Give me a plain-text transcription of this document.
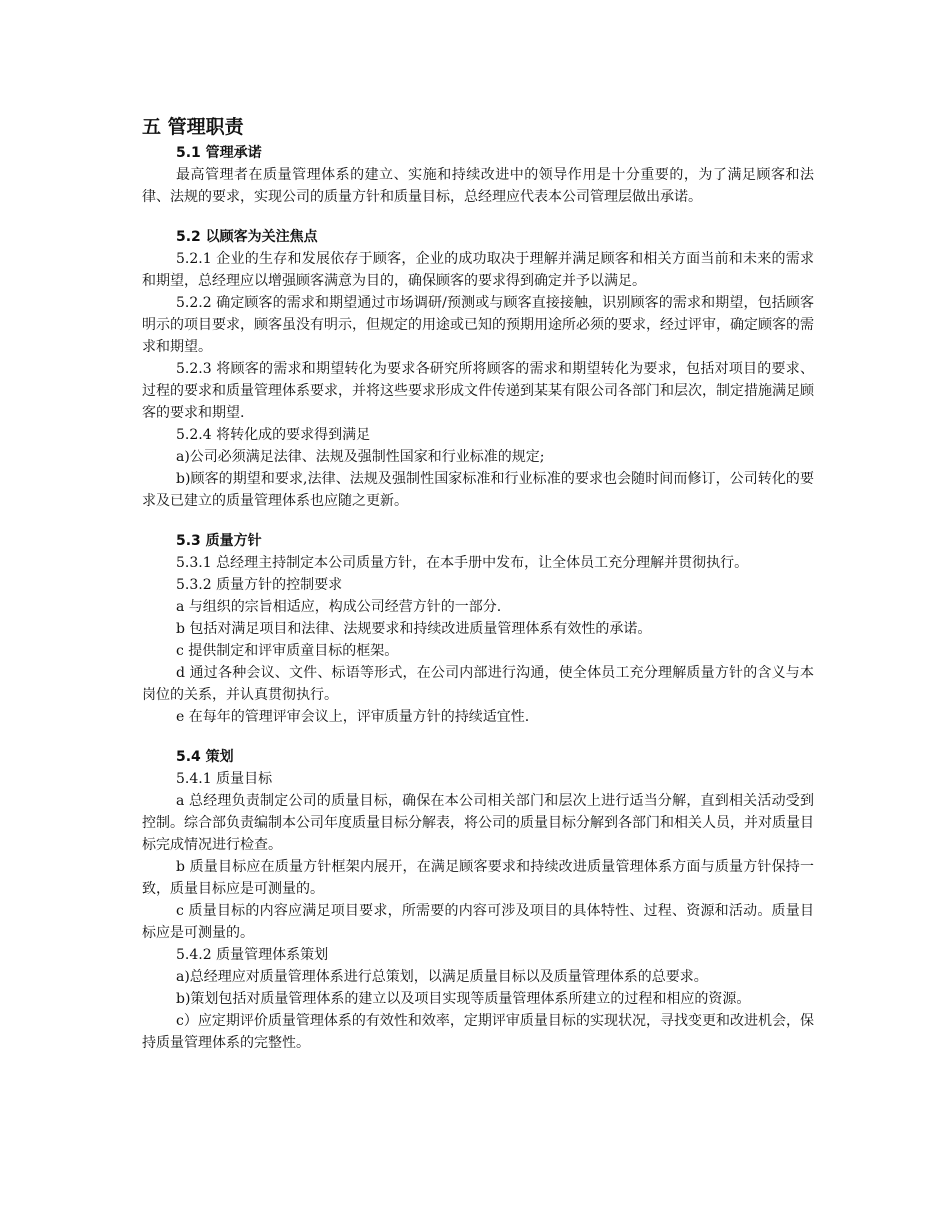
五 管理职责
5.1 管理承诺

最高管理者在质量管理体系的建立、实施和持续改进中的领导作用是十分重要的，为了满足顾客和法律、法规的要求，实现公司的质量方针和质量目标，总经理应代表本公司管理层做出承诺。

5.2 以顾客为关注焦点

5.2.1 企业的生存和发展依存于顾客，企业的成功取决于理解并满足顾客和相关方面当前和未来的需求和期望，总经理应以增强顾客满意为目的，确保顾客的要求得到确定并予以满足。

5.2.2 确定顾客的需求和期望通过市场调研/预测或与顾客直接接触，识别顾客的需求和期望，包括顾客明示的项目要求，顾客虽没有明示，但规定的用途或已知的预期用途所必须的要求，经过评审，确定顾客的需求和期望。

5.2.3 将顾客的需求和期望转化为要求各研究所将顾客的需求和期望转化为要求，包括对项目的要求、过程的要求和质量管理体系要求，并将这些要求形成文件传递到某某有限公司各部门和层次，制定措施满足顾客的要求和期望.

5.2.4 将转化成的要求得到满足

a)公司必须满足法律、法规及强制性国家和行业标准的规定;

b)顾客的期望和要求,法律、法规及强制性国家标准和行业标准的要求也会随时间而修订，公司转化的要求及已建立的质量管理体系也应随之更新。

5.3 质量方针

5.3.1 总经理主持制定本公司质量方针，在本手册中发布，让全体员工充分理解并贯彻执行。

5.3.2 质量方针的控制要求

a 与组织的宗旨相适应，构成公司经营方针的一部分.

b 包括对满足项目和法律、法规要求和持续改进质量管理体系有效性的承诺。

c 提供制定和评审质童目标的框架。

d 通过各种会议、文件、标语等形式，在公司内部进行沟通，使全体员工充分理解质量方针的含义与本岗位的关系，并认真贯彻执行。

e 在每年的管理评审会议上，评审质量方针的持续适宜性.

5.4 策划

5.4.1 质量目标

a 总经理负责制定公司的质量目标，确保在本公司相关部门和层次上进行适当分解，直到相关活动受到控制。综合部负责编制本公司年度质量目标分解表，将公司的质量目标分解到各部门和相关人员，并对质量目标完成情况进行检查。

b 质量目标应在质量方针框架内展开，在满足顾客要求和持续改进质量管理体系方面与质量方针保持一致，质量目标应是可测量的。

c 质量目标的内容应满足项目要求，所需要的内容可涉及项目的具体特性、过程、资源和活动。质量目标应是可测量的。

5.4.2 质量管理体系策划

a)总经理应对质量管理体系进行总策划，以满足质量目标以及质量管理体系的总要求。

b)策划包括对质量管理体系的建立以及项目实现等质量管理体系所建立的过程和相应的资源。

c）应定期评价质量管理体系的有效性和效率，定期评审质量目标的实现状况，寻找变更和改进机会，保持质量管理体系的完整性。
